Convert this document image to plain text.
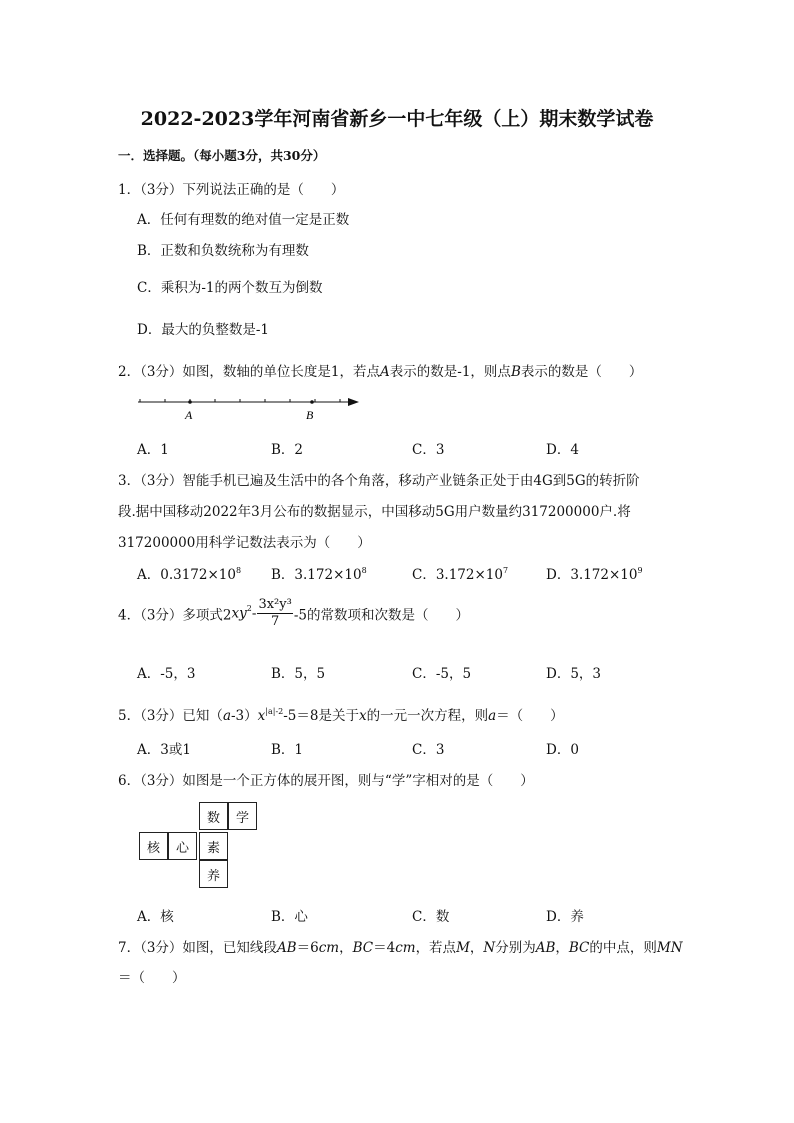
2022-2023学年河南省新乡一中七年级（上）期末数学试卷
一．选择题。（每小题3分，共30分）
1．（3分）下列说法正确的是（　　）
A．任何有理数的绝对值一定是正数
B．正数和负数统称为有理数
C．乘积为-1的两个数互为倒数
D．最大的负整数是-1
2．（3分）如图，数轴的单位长度是1，若点A表示的数是-1，则点B表示的数是（　　）
A	B
A．1	B．2	C．3	D．4
3．（3分）智能手机已遍及生活中的各个角落，移动产业链条正处于由4G到5G的转折阶
段.据中国移动2022年3月公布的数据显示，中国移动5G用户数量约317200000户.将
317200000用科学记数法表示为（　　）
A．$0.3172\times 10^8$ B．$3.172\times 10^8$	C．$3.172\times 10^7$	D．$3.172\times 10^9$
4．（3分）多项式$2xy^2- \frac{\text{3x²y³}}{7} -5$的常数项和次数是（　　）
A．-5，3	B．5，5	C．-5，5	D．5，3
5．（3分）已知$(a-3)x^{|a|-2}-5=8$是关于x的一元一次方程，则a＝（　　）
A．3或1	B．1	C．3	D．0
6．（3分）如图是一个正方体的展开图，则与“学”字相对的是（　　）
数	学
核	心	素
养
A．核	B．心	C．数	D．养
7．（3分）如图，已知线段AB＝6cm，BC＝4cm，若点M，N分别为AB，BC的中点，则MN
＝（　　）
